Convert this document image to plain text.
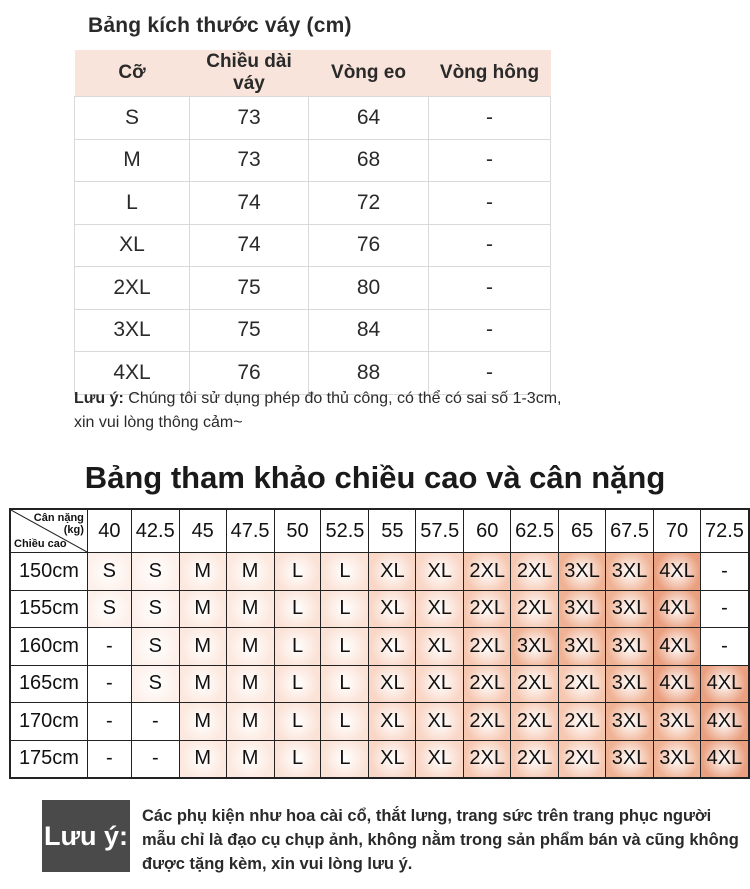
Bảng kích thước váy (cm)
Cỡ	Chiều dài váy	Vòng eo	Vòng hông
S	73	64	-
M	73	68	-
L	74	72	-
XL	74	76	-
2XL	75	80	-
3XL	75	84	-
4XL	76	88	-
Lưu ý: Chúng tôi sử dụng phép đo thủ công, có thể có sai số 1-3cm,
xin vui lòng thông cảm~
Bảng tham khảo chiều cao và cân nặng
Cân nặng
(kg)
Chiều cao	40	42.5	45	47.5	50	52.5	55	57.5	60	62.5	65	67.5	70	72.5
150cm	S	S	M	M	L	L	XL	XL	2XL	2XL	3XL	3XL	4XL	-
155cm	S	S	M	M	L	L	XL	XL	2XL	2XL	3XL	3XL	4XL	-
160cm	-	S	M	M	L	L	XL	XL	2XL	3XL	3XL	3XL	4XL	-
165cm	-	S	M	M	L	L	XL	XL	2XL	2XL	2XL	3XL	4XL	4XL
170cm	-	-	M	M	L	L	XL	XL	2XL	2XL	2XL	3XL	3XL	4XL
175cm	-	-	M	M	L	L	XL	XL	2XL	2XL	2XL	3XL	3XL	4XL
Lưu ý:
Các phụ kiện như hoa cài cổ, thắt lưng, trang sức trên trang phục người mẫu chỉ là đạo cụ chụp ảnh, không nằm trong sản phẩm bán và cũng không được tặng kèm, xin vui lòng lưu ý.
